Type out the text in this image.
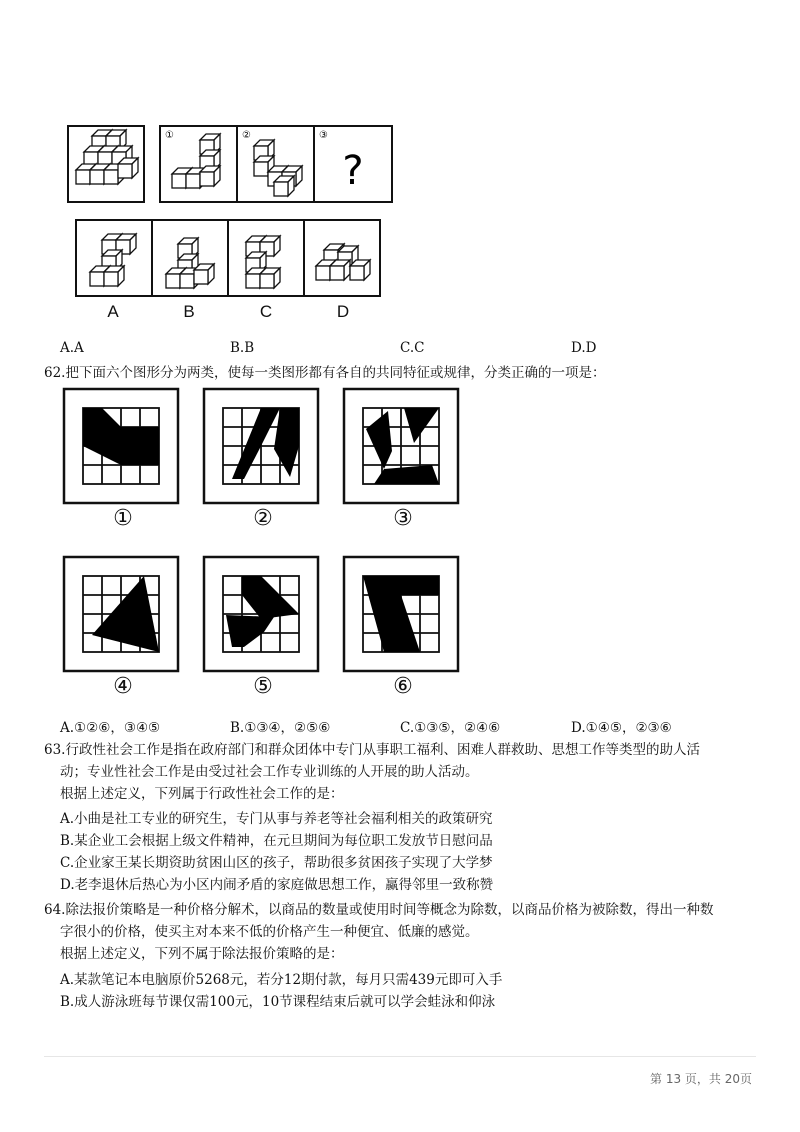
?
①	②	③
A	B	C	D
A.A	B.B	C.C	D.D
62.把下面六个图形分为两类，使每一类图形都有各自的共同特征或规律，分类正确的一项是：
①	②	③
④	⑤	⑥
A.①②⑥，③④⑤	B.①③④，②⑤⑥	C.①③⑤，②④⑥	D.①④⑤，②③⑥
63.行政性社会工作是指在政府部门和群众团体中专门从事职工福利、困难人群救助、思想工作等类型的助人活
动；专业性社会工作是由受过社会工作专业训练的人开展的助人活动。
根据上述定义，下列属于行政性社会工作的是：
A.小曲是社工专业的研究生，专门从事与养老等社会福利相关的政策研究
B.某企业工会根据上级文件精神，在元旦期间为每位职工发放节日慰问品
C.企业家王某长期资助贫困山区的孩子，帮助很多贫困孩子实现了大学梦
D.老李退休后热心为小区内闹矛盾的家庭做思想工作，赢得邻里一致称赞
64.除法报价策略是一种价格分解术，以商品的数量或使用时间等概念为除数，以商品价格为被除数，得出一种数
字很小的价格，使买主对本来不低的价格产生一种便宜、低廉的感觉。
根据上述定义，下列不属于除法报价策略的是：
A.某款笔记本电脑原价5268元，若分12期付款，每月只需439元即可入手
B.成人游泳班每节课仅需100元，10节课程结束后就可以学会蛙泳和仰泳
第 13 页，共 20页
